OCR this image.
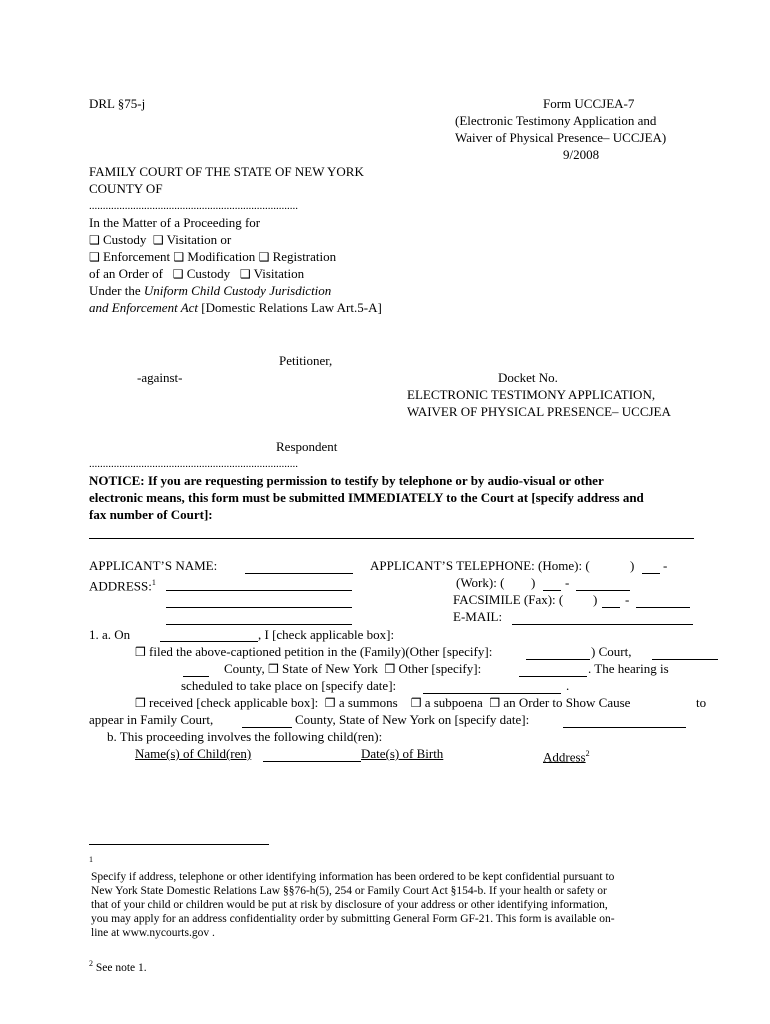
DRL §75-j	Form UCCJEA-7
(Electronic Testimony Application and
Waiver of Physical Presence– UCCJEA)
9/2008
FAMILY COURT OF THE STATE OF NEW YORK
COUNTY OF
............................................................................
In the Matter of a Proceeding for
❑ Custody ❑ Visitation or
❑ Enforcement ❑ Modification ❑ Registration
of an Order of ❑ Custody ❑ Visitation
Under the Uniform Child Custody Jurisdiction
and Enforcement Act [Domestic Relations Law Art.5-A]
Petitioner,
-against-	Docket No.
ELECTRONIC TESTIMONY APPLICATION,
WAIVER OF PHYSICAL PRESENCE– UCCJEA
Respondent
............................................................................
NOTICE: If you are requesting permission to testify by telephone or by audio-visual or other
electronic means, this form must be submitted IMMEDIATELY to the Court at [specify address and
fax number of Court]:
APPLICANT’S NAME:
ADDRESS:$^1$
APPLICANT’S TELEPHONE: (Home): (	) -
(Work): ( ) -
FACSIMILE (Fax): ( ) -
E-MAIL:
1. a. On	, I [check applicable box]:
❒ filed the above-captioned petition in the (Family)(Other [specify]:	) Court,
County, ❒ State of New York ❒ Other [specify]:	. The hearing is
scheduled to take place on [specify date]:	.
❒ received [check applicable box]: ❒ a summons ❒ a subpoena ❒ an Order to Show Cause	to
appear in Family Court,	County, State of New York on [specify date]:
b. This proceeding involves the following child(ren):
Name(s) of Child(ren)	Date(s) of Birth	Address$^2$
1
Specify if address, telephone or other identifying information has been ordered to be kept confidential pursuant to
New York State Domestic Relations Law §§76-h(5), 254 or Family Court Act §154-b. If your health or safety or
that of your child or children would be put at risk by disclosure of your address or other identifying information,
you may apply for an address confidentiality order by submitting General Form GF-21. This form is available on-
line at www.nycourts.gov .
$^2$ See note 1.
